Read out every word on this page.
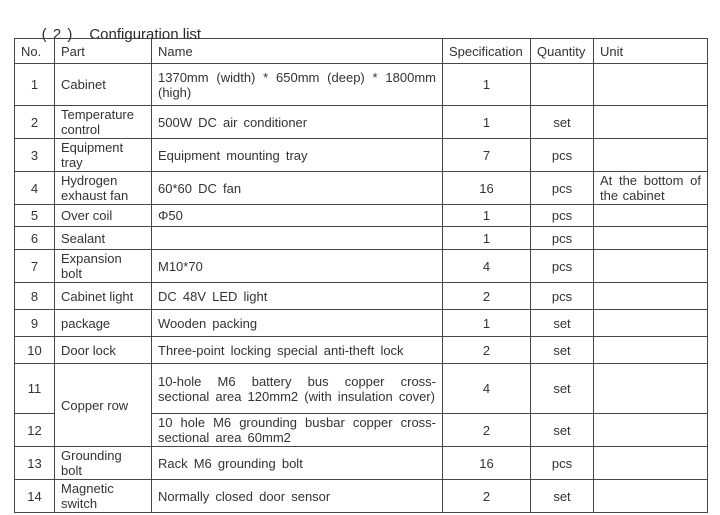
( 2 ) Configuration list

No.	Part	Name	Specification	Quantity	Unit
1	Cabinet	1370mm (width) * 650mm (deep) * 1800mm (high)	1		
2	Temperature control	500W DC air conditioner	1	set	
3	Equipment tray	Equipment mounting tray	7	pcs	
4	Hydrogen exhaust fan	60*60 DC fan	16	pcs	At the bottom of the cabinet
5	Over coil	Φ50	1	pcs	
6	Sealant		1	pcs	
7	Expansion bolt	M10*70	4	pcs	
8	Cabinet light	DC 48V LED light	2	pcs	
9	package	Wooden packing	1	set	
10	Door lock	Three-point locking special anti-theft lock	2	set	
11	Copper row	10-hole M6 battery bus copper cross-sectional area 120mm2 (with insulation cover)	4	set	
12		10 hole M6 grounding busbar copper cross-sectional area 60mm2	2	set	
13	Grounding bolt	Rack M6 grounding bolt	16	pcs	
14	Magnetic switch	Normally closed door sensor	2	set	
